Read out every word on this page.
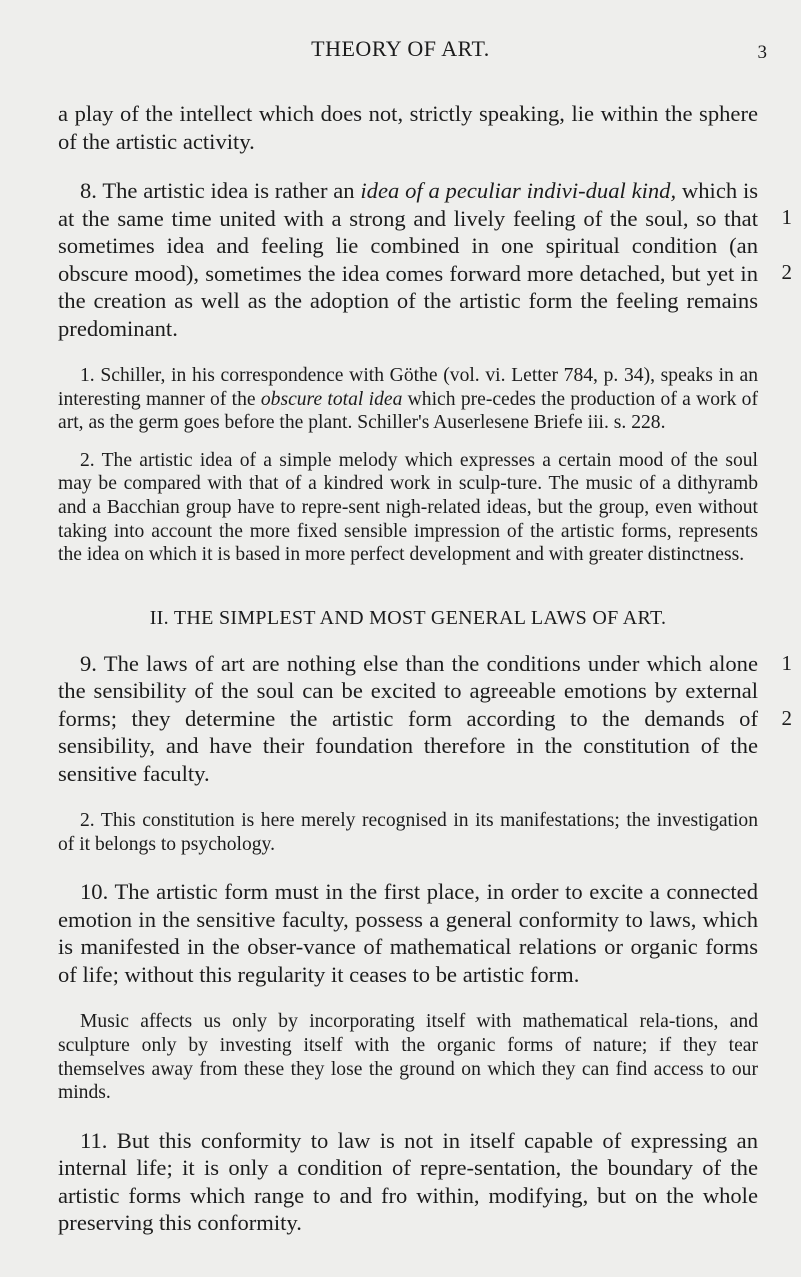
THEORY OF ART.	3

a play of the intellect which does not, strictly speaking, lie within the sphere of the artistic activity.

1
2

8. The artistic idea is rather an idea of a peculiar indivi-dual kind, which is at the same time united with a strong and lively feeling of the soul, so that sometimes idea and feeling lie combined in one spiritual condition (an obscure mood), sometimes the idea comes forward more detached, but yet in the creation as well as the adoption of the artistic form the feeling remains predominant.

1. Schiller, in his correspondence with Göthe (vol. vi. Letter 784, p. 34), speaks in an interesting manner of the obscure total idea which pre-cedes the production of a work of art, as the germ goes before the plant. Schiller's Auserlesene Briefe iii. s. 228.

2. The artistic idea of a simple melody which expresses a certain mood of the soul may be compared with that of a kindred work in sculp-ture. The music of a dithyramb and a Bacchian group have to repre-sent nigh-related ideas, but the group, even without taking into account the more fixed sensible impression of the artistic forms, represents the idea on which it is based in more perfect development and with greater distinctness.

II. THE SIMPLEST AND MOST GENERAL LAWS OF ART.
1
2

9. The laws of art are nothing else than the conditions under which alone the sensibility of the soul can be excited to agreeable emotions by external forms; they determine the artistic form according to the demands of sensibility, and have their foundation therefore in the constitution of the sensitive faculty.

2. This constitution is here merely recognised in its manifestations; the investigation of it belongs to psychology.

10. The artistic form must in the first place, in order to excite a connected emotion in the sensitive faculty, possess a general conformity to laws, which is manifested in the obser-vance of mathematical relations or organic forms of life; without this regularity it ceases to be artistic form.

Music affects us only by incorporating itself with mathematical rela-tions, and sculpture only by investing itself with the organic forms of nature; if they tear themselves away from these they lose the ground on which they can find access to our minds.

11. But this conformity to law is not in itself capable of expressing an internal life; it is only a condition of repre-sentation, the boundary of the artistic forms which range to and fro within, modifying, but on the whole preserving this conformity.
